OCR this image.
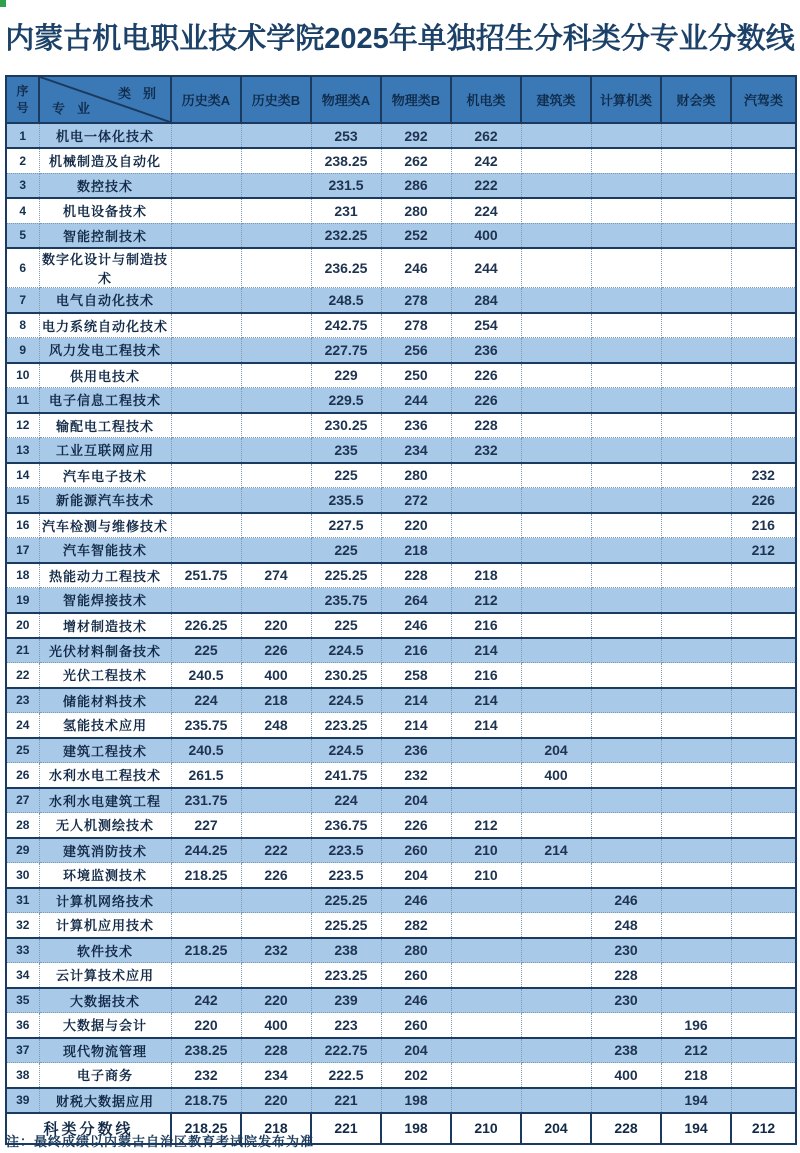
内蒙古机电职业技术学院2025年单独招生分科类分专业分数线
序号	类别
专业	历史类A	历史类B	物理类A	物理类B	机电类	建筑类	计算机类	财会类	汽驾类
1	机电一体化技术			253	292	262				
2	机械制造及自动化			238.25	262	242				
3	数控技术			231.5	286	222				
4	机电设备技术			231	280	224				
5	智能控制技术			232.25	252	400				
6	数字化设计与制造技术			236.25	246	244				
7	电气自动化技术			248.5	278	284				
8	电力系统自动化技术			242.75	278	254				
9	风力发电工程技术			227.75	256	236				
10	供用电技术			229	250	226				
11	电子信息工程技术			229.5	244	226				
12	输配电工程技术			230.25	236	228				
13	工业互联网应用			235	234	232				
14	汽车电子技术			225	280					232
15	新能源汽车技术			235.5	272					226
16	汽车检测与维修技术			227.5	220					216
17	汽车智能技术			225	218					212
18	热能动力工程技术	251.75	274	225.25	228	218				
19	智能焊接技术			235.75	264	212				
20	增材制造技术	226.25	220	225	246	216				
21	光伏材料制备技术	225	226	224.5	216	214				
22	光伏工程技术	240.5	400	230.25	258	216				
23	储能材料技术	224	218	224.5	214	214				
24	氢能技术应用	235.75	248	223.25	214	214				
25	建筑工程技术	240.5		224.5	236		204			
26	水利水电工程技术	261.5		241.75	232		400			
27	水利水电建筑工程	231.75		224	204					
28	无人机测绘技术	227		236.75	226	212				
29	建筑消防技术	244.25	222	223.5	260	210	214			
30	环境监测技术	218.25	226	223.5	204	210				
31	计算机网络技术			225.25	246			246		
32	计算机应用技术			225.25	282			248		
33	软件技术	218.25	232	238	280			230		
34	云计算技术应用			223.25	260			228		
35	大数据技术	242	220	239	246			230		
36	大数据与会计	220	400	223	260				196	
37	现代物流管理	238.25	228	222.75	204			238	212	
38	电子商务	232	234	222.5	202			400	218	
39	财税大数据应用	218.75	220	221	198				194	
科类分数线		218.25	218	221	198	210	204	228	194	212
注：最终成绩以内蒙古自治区教育考试院发布为准
